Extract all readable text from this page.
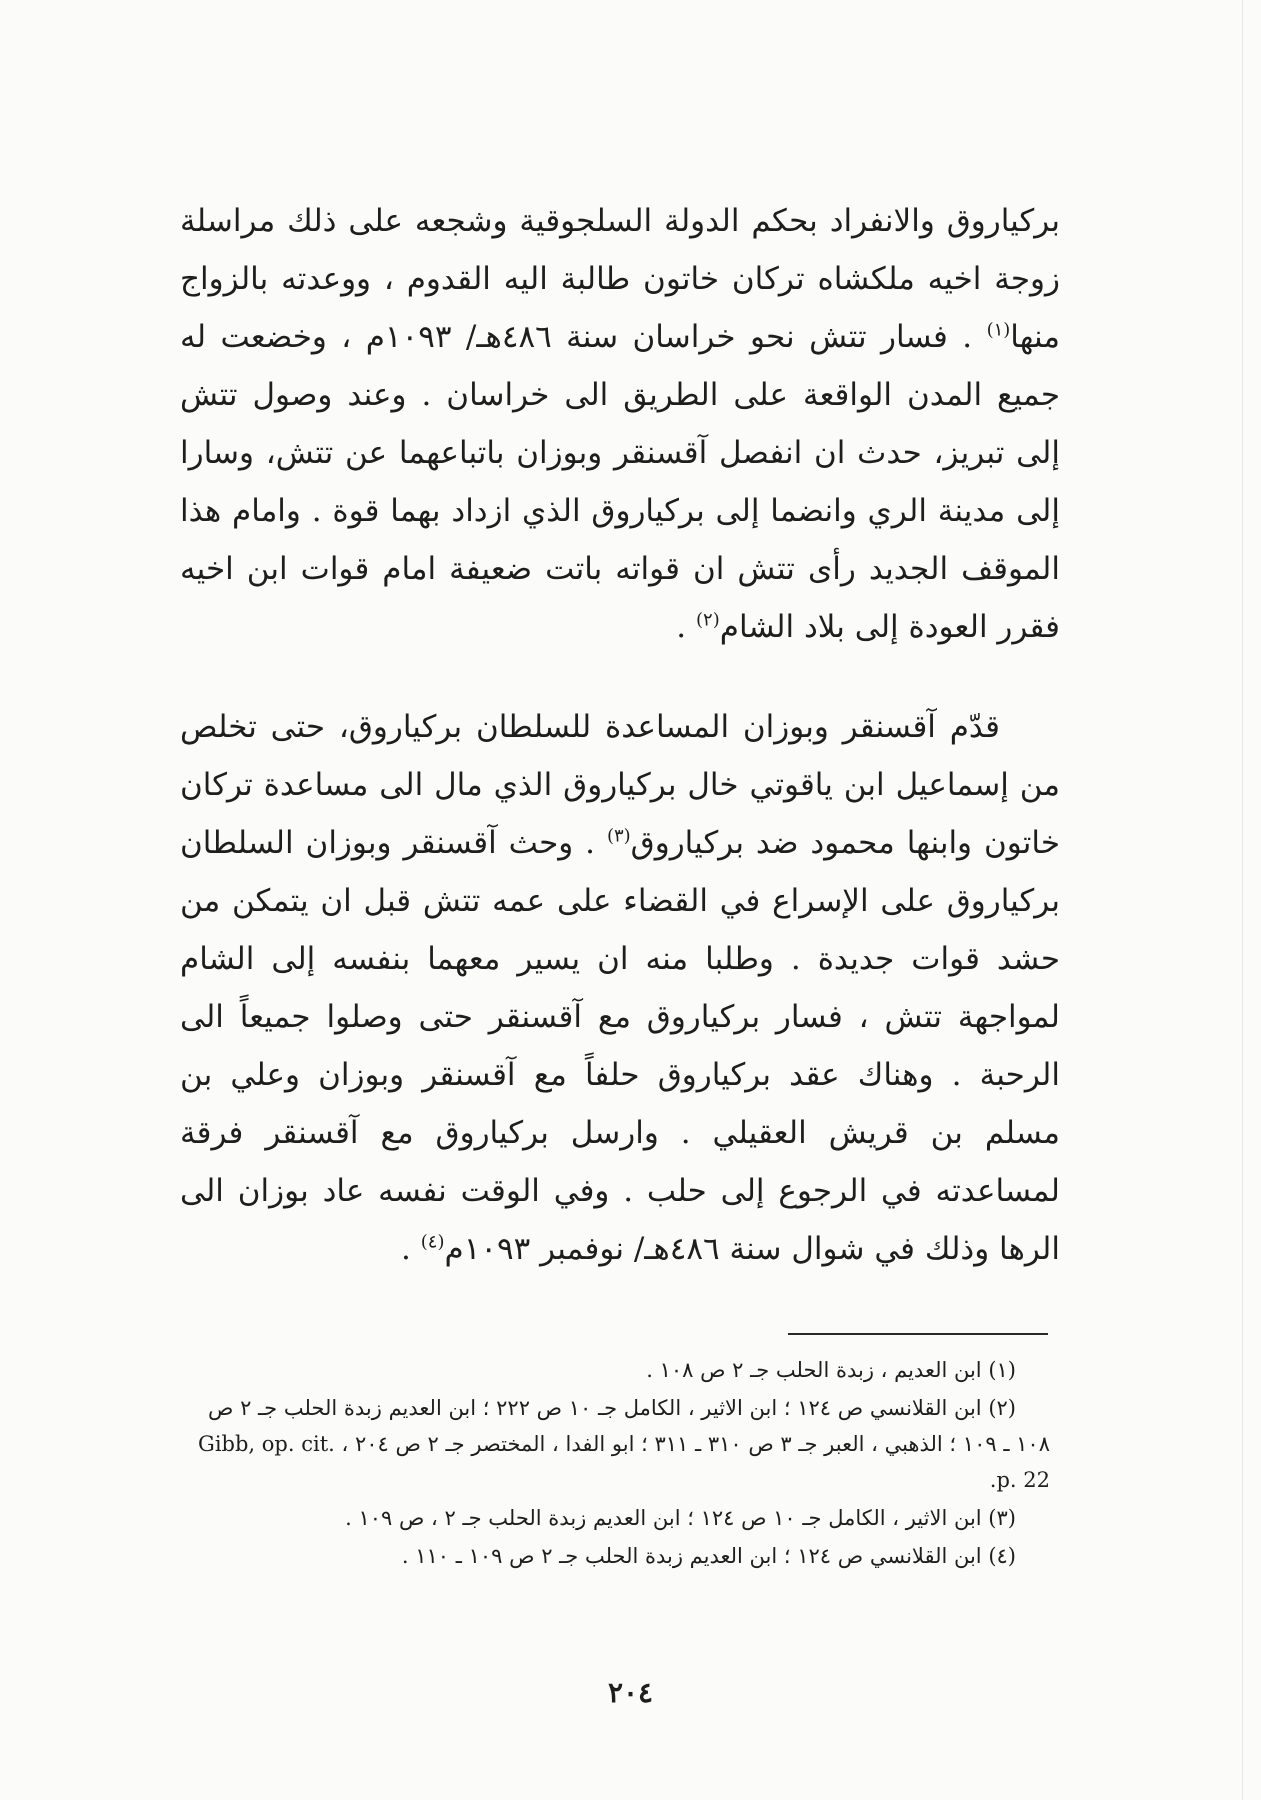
بركياروق والانفراد بحكم الدولة السلجوقية وشجعه على ذلك مراسلة زوجة اخيه ملكشاه تركان خاتون طالبة اليه القدوم ، ووعدته بالزواج منها$^{(١)}$ . فسار تتش نحو خراسان سنة ٤٨٦هـ/ ١٠٩٣م ، وخضعت له جميع المدن الواقعة على الطريق الى خراسان . وعند وصول تتش إلى تبريز، حدث ان انفصل آقسنقر وبوزان باتباعهما عن تتش، وسارا إلى مدينة الري وانضما إلى بركياروق الذي ازداد بهما قوة . وامام هذا الموقف الجديد رأى تتش ان قواته باتت ضعيفة امام قوات ابن اخيه فقرر العودة إلى بلاد الشام$^{(٢)}$ .

قدّم آقسنقر وبوزان المساعدة للسلطان بركياروق، حتى تخلص من إسماعيل ابن ياقوتي خال بركياروق الذي مال الى مساعدة تركان خاتون وابنها محمود ضد بركياروق$^{(٣)}$ . وحث آقسنقر وبوزان السلطان بركياروق على الإسراع في القضاء على عمه تتش قبل ان يتمكن من حشد قوات جديدة . وطلبا منه ان يسير معهما بنفسه إلى الشام لمواجهة تتش ، فسار بركياروق مع آقسنقر حتى وصلوا جميعاً الى الرحبة . وهناك عقد بركياروق حلفاً مع آقسنقر وبوزان وعلي بن مسلم بن قريش العقيلي . وارسل بركياروق مع آقسنقر فرقة لمساعدته في الرجوع إلى حلب . وفي الوقت نفسه عاد بوزان الى الرها وذلك في شوال سنة ٤٨٦هـ/ نوفمبر ١٠٩٣م$^{(٤)}$ .

(١) ابن العديم ، زبدة الحلب جـ ٢ ص ١٠٨ .

(٢) ابن القلانسي ص ١٢٤ ؛ ابن الاثير ، الكامل جـ ١٠ ص ٢٢٢ ؛ ابن العديم زبدة الحلب جـ ٢ ص ١٠٨ ـ ١٠٩ ؛ الذهبي ، العبر جـ ٣ ص ٣١٠ ـ ٣١١ ؛ ابو الفدا ، المختصر جـ ٢ ص ٢٠٤ ، Gibb, op. cit. p. 22.

(٣) ابن الاثير ، الكامل جـ ١٠ ص ١٢٤ ؛ ابن العديم زبدة الحلب جـ ٢ ، ص ١٠٩ .

(٤) ابن القلانسي ص ١٢٤ ؛ ابن العديم زبدة الحلب جـ ٢ ص ١٠٩ ـ ١١٠ .

٢٠٤
